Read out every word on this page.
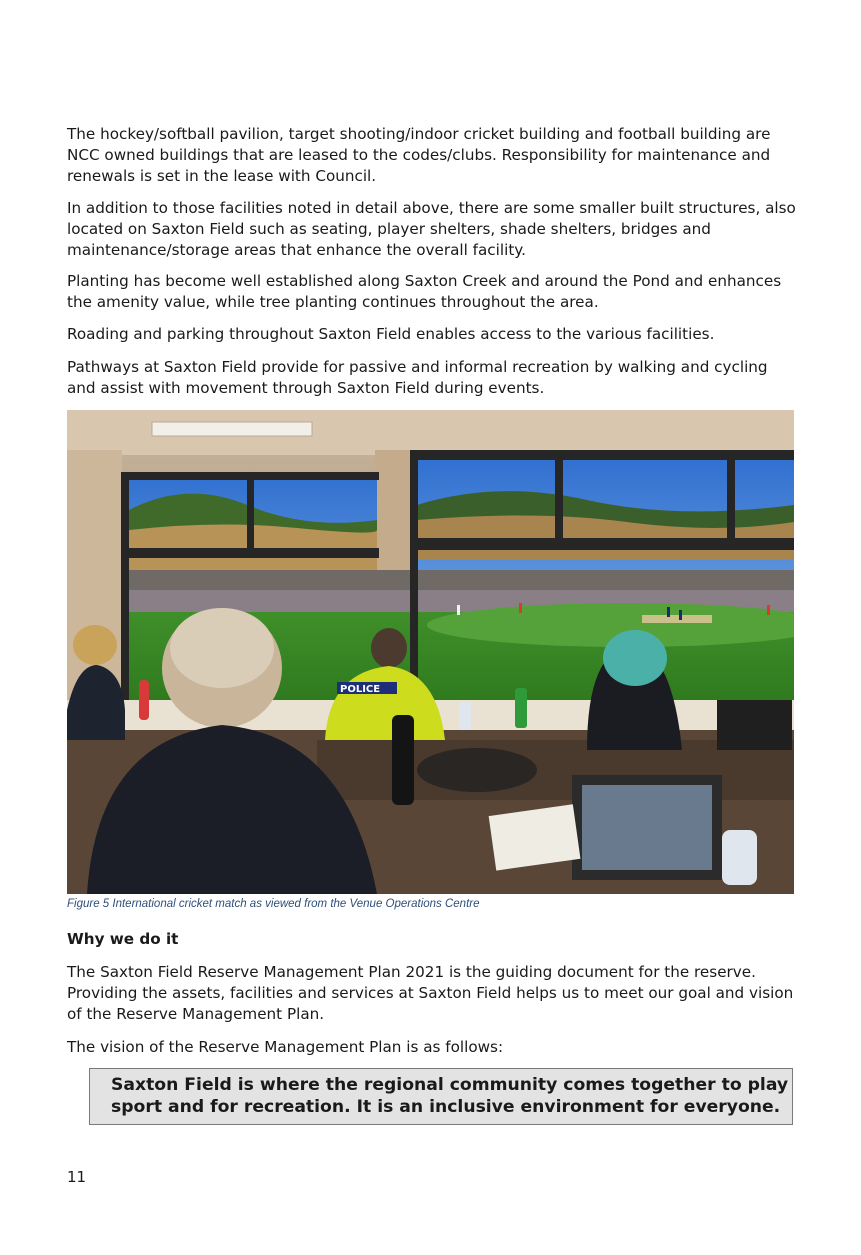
The hockey/softball pavilion, target shooting/indoor cricket building and football building are NCC owned buildings that are leased to the codes/clubs. Responsibility for maintenance and renewals is set in the lease with Council.

In addition to those facilities noted in detail above, there are some smaller built structures, also located on Saxton Field such as seating, player shelters, shade shelters, bridges and maintenance/storage areas that enhance the overall facility.

Planting has become well established along Saxton Creek and around the Pond and enhances the amenity value, while tree planting continues throughout the area.

Roading and parking throughout Saxton Field enables access to the various facilities.

Pathways at Saxton Field provide for passive and informal recreation by walking and cycling and assist with movement through Saxton Field during events.

POLICE
Figure 5 International cricket match as viewed from the Venue Operations Centre
Why we do it

The Saxton Field Reserve Management Plan 2021 is the guiding document for the reserve. Providing the assets, facilities and services at Saxton Field helps us to meet our goal and vision of the Reserve Management Plan.

The vision of the Reserve Management Plan is as follows:

Saxton Field is where the regional community comes together to play sport and for recreation. It is an inclusive environment for everyone.
11
